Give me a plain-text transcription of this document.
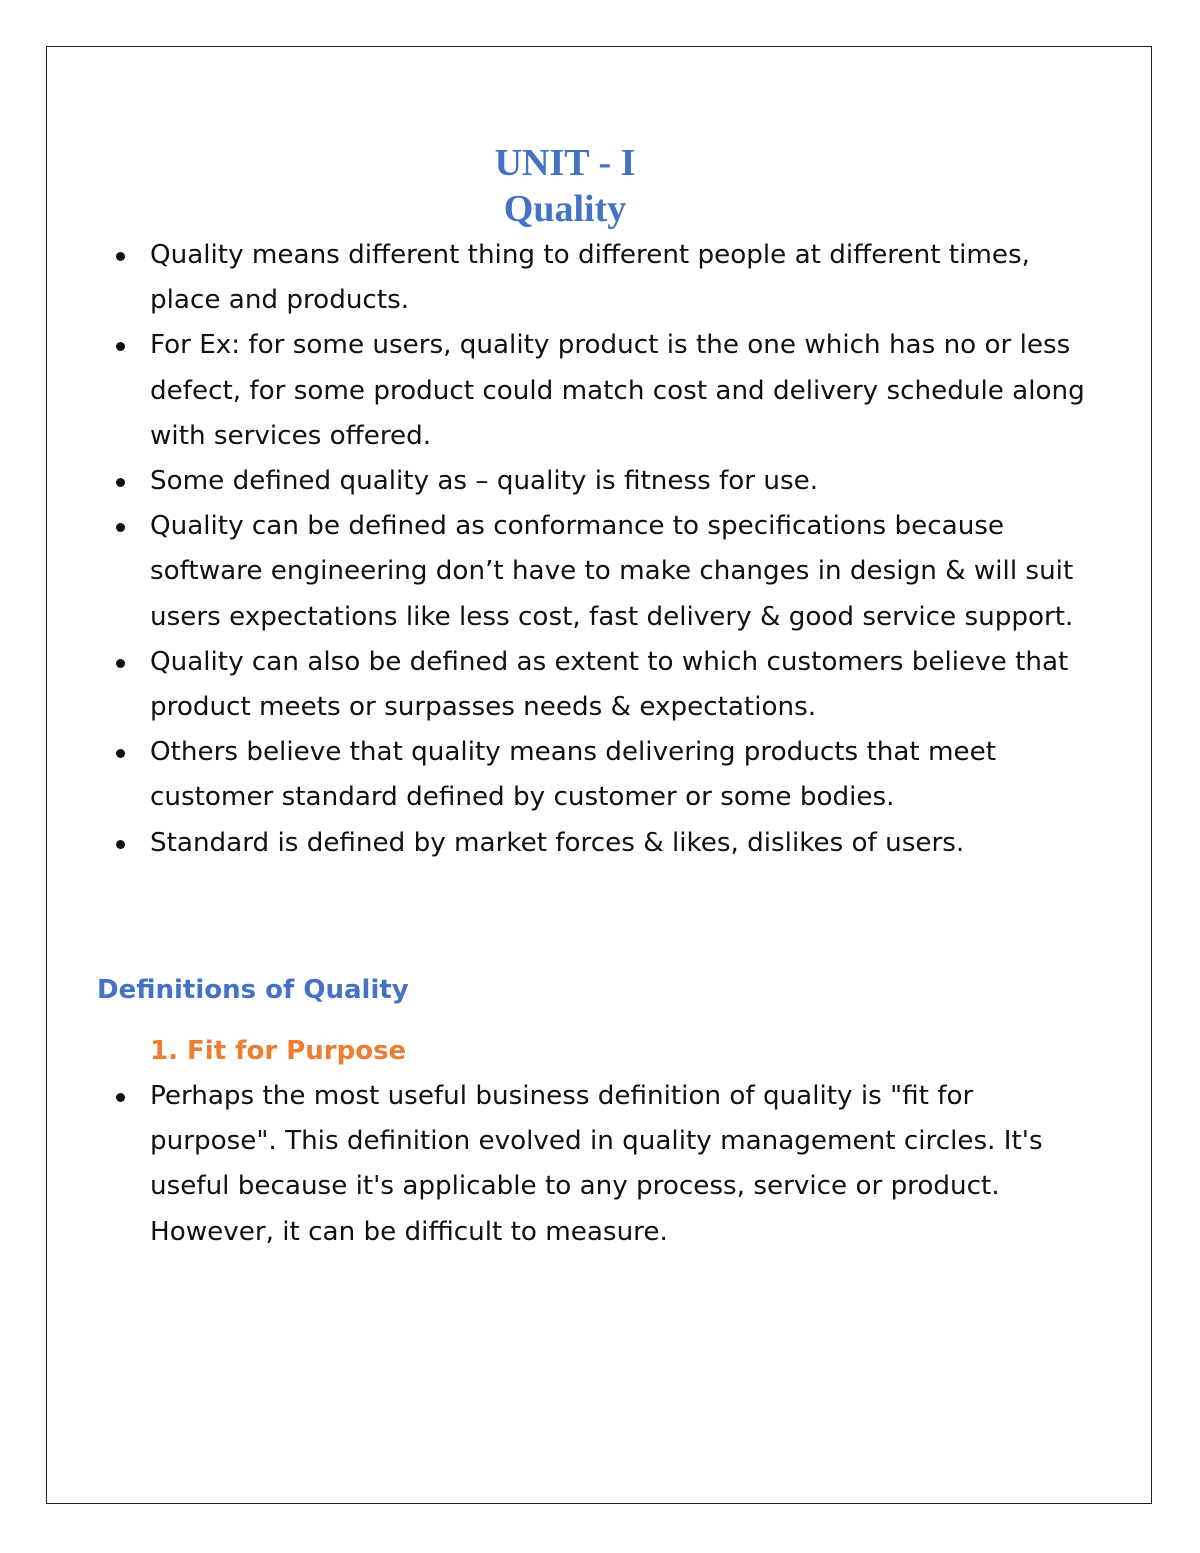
UNIT - I
Quality
Quality means different thing to different people at different times, place and products.
For Ex: for some users, quality product is the one which has no or less defect, for some product could match cost and delivery schedule along with services offered.
Some defined quality as – quality is fitness for use.
Quality can be defined as conformance to specifications because software engineering don’t have to make changes in design & will suit users expectations like less cost, fast delivery & good service support.
Quality can also be defined as extent to which customers believe that product meets or surpasses needs & expectations.
Others believe that quality means delivering products that meet customer standard defined by customer or some bodies.
Standard is defined by market forces & likes, dislikes of users.
Definitions of Quality
1. Fit for Purpose
Perhaps the most useful business definition of quality is "fit for purpose". This definition evolved in quality management circles. It's useful because it's applicable to any process, service or product. However, it can be difficult to measure.
